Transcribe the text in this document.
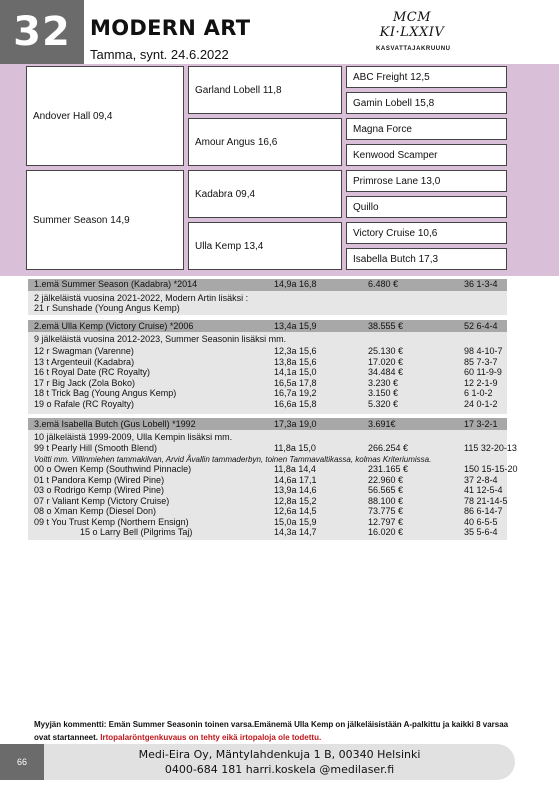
32 MODERN ART
Tamma, synt. 24.6.2022
MCM KI·LXXIV
KASVATTAJAKRUUNU
Andover Hall 09,4
Summer Season 14,9
Garland Lobell 11,8
Amour Angus 16,6
Kadabra 09,4
Ulla Kemp 13,4
ABC Freight 12,5
Gamin Lobell 15,8
Magna Force
Kenwood Scamper
Primrose Lane 13,0
Quillo
Victory Cruise 10,6
Isabella Butch 17,3
1.emä Summer Season (Kadabra) *2014	14,9a 16,8	6.480 €	36 1-3-4
2 jälkeläistä vuosina 2021-2022, Modern Artin lisäksi :
21 r Sunshade (Young Angus Kemp)
2.emä Ulla Kemp (Victory Cruise) *2006	13,4a 15,9	38.555 €	52 6-4-4
9 jälkeläistä vuosina 2012-2023, Summer Seasonin lisäksi mm.
12 r Swagman (Varenne)	12,3a 15,6	25.130 €	98 4-10-7
13 t Argenteuil (Kadabra)	13,8a 15,6	17.020 €	85 7-3-7
16 t Royal Date (RC Royalty)	14,1a 15,0	34.484 €	60 11-9-9
17 r Big Jack (Zola Boko)	16,5a 17,8	3.230 €	12 2-1-9
18 t Trick Bag (Young Angus Kemp)	16,7a 19,2	3.150 €	6 1-0-2
19 o Rafale (RC Royalty)	16,6a 15,8	5.320 €	24 0-1-2
3.emä Isabella Butch (Gus Lobell) *1992	17,3a 19,0	3.691€	17 3-2-1
10 jälkeläistä 1999-2009, Ulla Kempin lisäksi mm.
99 t Pearly Hill (Smooth Blend)	11,8a 15,0	266.254 €	115 32-20-13
Voitti mm. Villinmiehen tammakilvan, Arvid Åvallin tammaderbyn, toinen Tammavaltikassa, kolmas Kriteriumissa.
00 o Owen Kemp (Southwind Pinnacle)	11,8a 14,4	231.165 €	150 15-15-20
01 t Pandora Kemp (Wired Pine)	14,6a 17,1	22.960 €	37 2-8-4
03 o Rodrigo Kemp (Wired Pine)	13,9a 14,6	56.565 €	41 12-5-4
07 r Valiant Kemp (Victory Cruise)	12,8a 15,2	88.100 €	78 21-14-5
08 o Xman Kemp (Diesel Don)	12,6a 14,5	73.775 €	86 6-14-7
09 t You Trust Kemp (Northern Ensign)	15,0a 15,9	12.797 €	40 6-5-5
15 o Larry Bell (Pilgrims Taj)	14,3a 14,7	16.020 €	35 5-6-4
Myyjän kommentti: Emän Summer Seasonin toinen varsa.Emänemä Ulla Kemp on jälkeläisistään A-palkittu ja kaikki 8 varsaa ovat startanneet. Irtopalaröntgenkuvaus on tehty eikä irtopaloja ole todettu.
Medi-Eira Oy, Mäntylahdenkuja 1 B, 00340 Helsinki
0400-684 181 harri.koskela @medilaser.fi
66
